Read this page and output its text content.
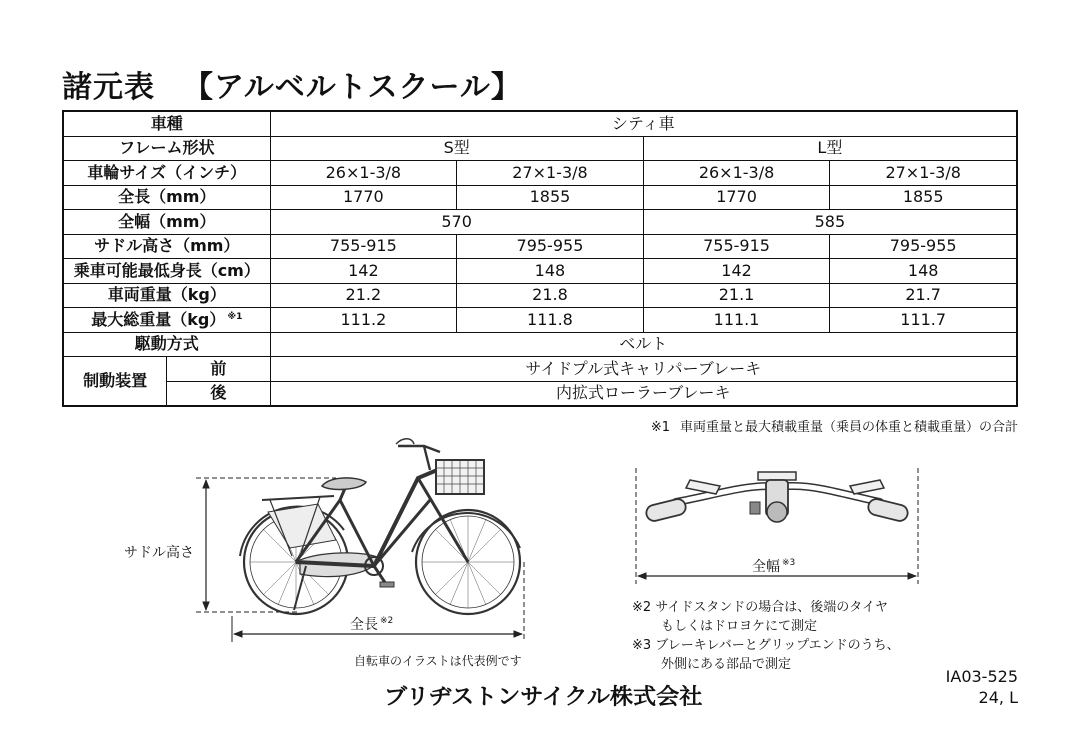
諸元表 【アルベルトスクール】
車種		シティ車			
フレーム形状		S型		L型	
車輪サイズ（インチ）		26×1-3/8	27×1-3/8	26×1-3/8	27×1-3/8
全長（mm）		1770	1855	1770	1855
全幅（mm）		570		585	
サドル高さ（mm）		755-915	795-955	755-915	795-955
乗車可能最低身長（cm）		142	148	142	148
車両重量（kg）		21.2	21.8	21.1	21.7
最大総重量（kg） $^{※1}$		111.2	111.8	111.1	111.7
駆動方式		ベルト			
制動装置	前	サイドプル式キャリパーブレーキ			
	後	内拡式ローラーブレーキ			
※1 車両重量と最大積載重量（乗員の体重と積載重量）の合計
サドル高さ
全長 $^{※2}$
全幅 $^{※3}$
自転車のイラストは代表例です
※2 サイドスタンドの場合は、後端のタイヤ
もしくはドロヨケにて測定
※3 ブレーキレバーとグリップエンドのうち、
外側にある部品で測定
IA03-525
24, L
ブリヂストンサイクル株式会社
